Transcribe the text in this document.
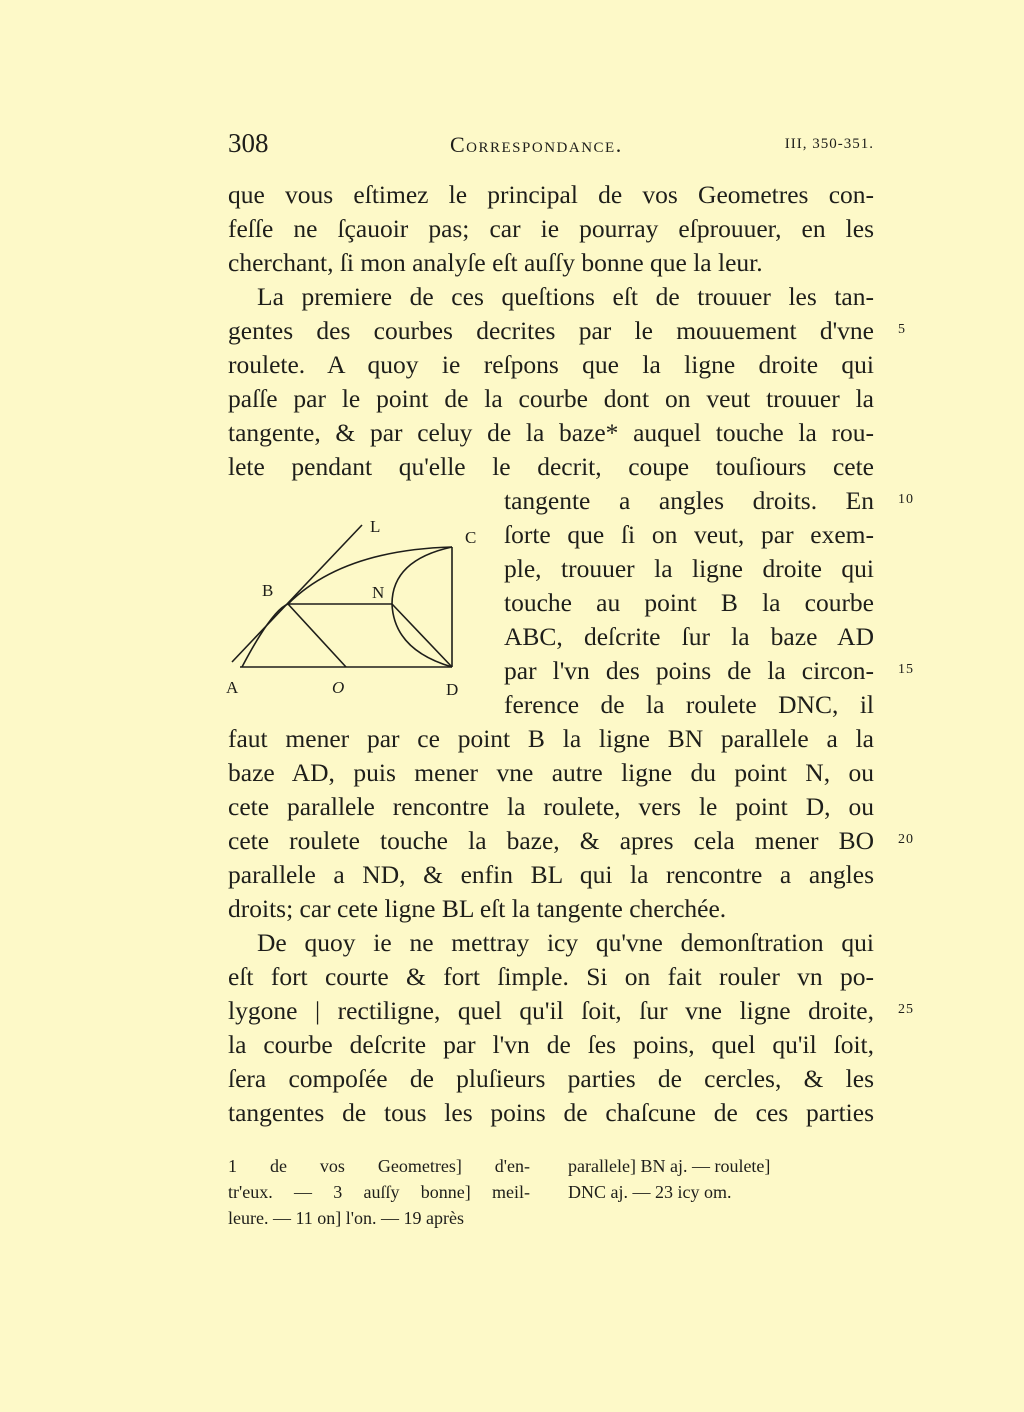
308	Correspondance.	III, 350-351.
que vous eſtimez le principal de vos Geometres con-
feſſe ne ſçauoir pas; car ie pourray eſprouuer, en les
cherchant, ſi mon analyſe eſt auſſy bonne que la leur.
La premiere de ces queſtions eſt de trouuer les tan-
gentes des courbes decrites par le mouuement d'vne
roulete. A quoy ie reſpons que la ligne droite qui
paſſe par le point de la courbe dont on veut trouuer la
tangente, & par celuy de la baze* auquel touche la rou-
lete pendant qu'elle le decrit, coupe touſiours cete
tangente a angles droits. En
ſorte que ſi on veut, par exem-
ple, trouuer la ligne droite qui
touche au point B la courbe
ABC, deſcrite ſur la baze AD
par l'vn des poins de la circon-
ference de la roulete DNC, il
faut mener par ce point B la ligne BN parallele a la
baze AD, puis mener vne autre ligne du point N, ou
cete parallele rencontre la roulete, vers le point D, ou
cete roulete touche la baze, & apres cela mener BO
parallele a ND, & enfin BL qui la rencontre a angles
droits; car cete ligne BL eſt la tangente cherchée.
De quoy ie ne mettray icy qu'vne demonſtration qui
eſt fort courte & fort ſimple. Si on fait rouler vn po-
lygone | rectiligne, quel qu'il ſoit, ſur vne ligne droite,
la courbe deſcrite par l'vn de ſes poins, quel qu'il ſoit,
ſera compoſée de pluſieurs parties de cercles, & les
tangentes de tous les poins de chaſcune de ces parties
5
10
15
20
25
L
C
B	N
A	O	D
1 de vos Geometres] d'en-
tr'eux. — 3 auſſy bonne] meil-
leure. — 11 on] l'on. — 19 après
parallele] BN aj. — roulete]
DNC aj. — 23 icy om.
